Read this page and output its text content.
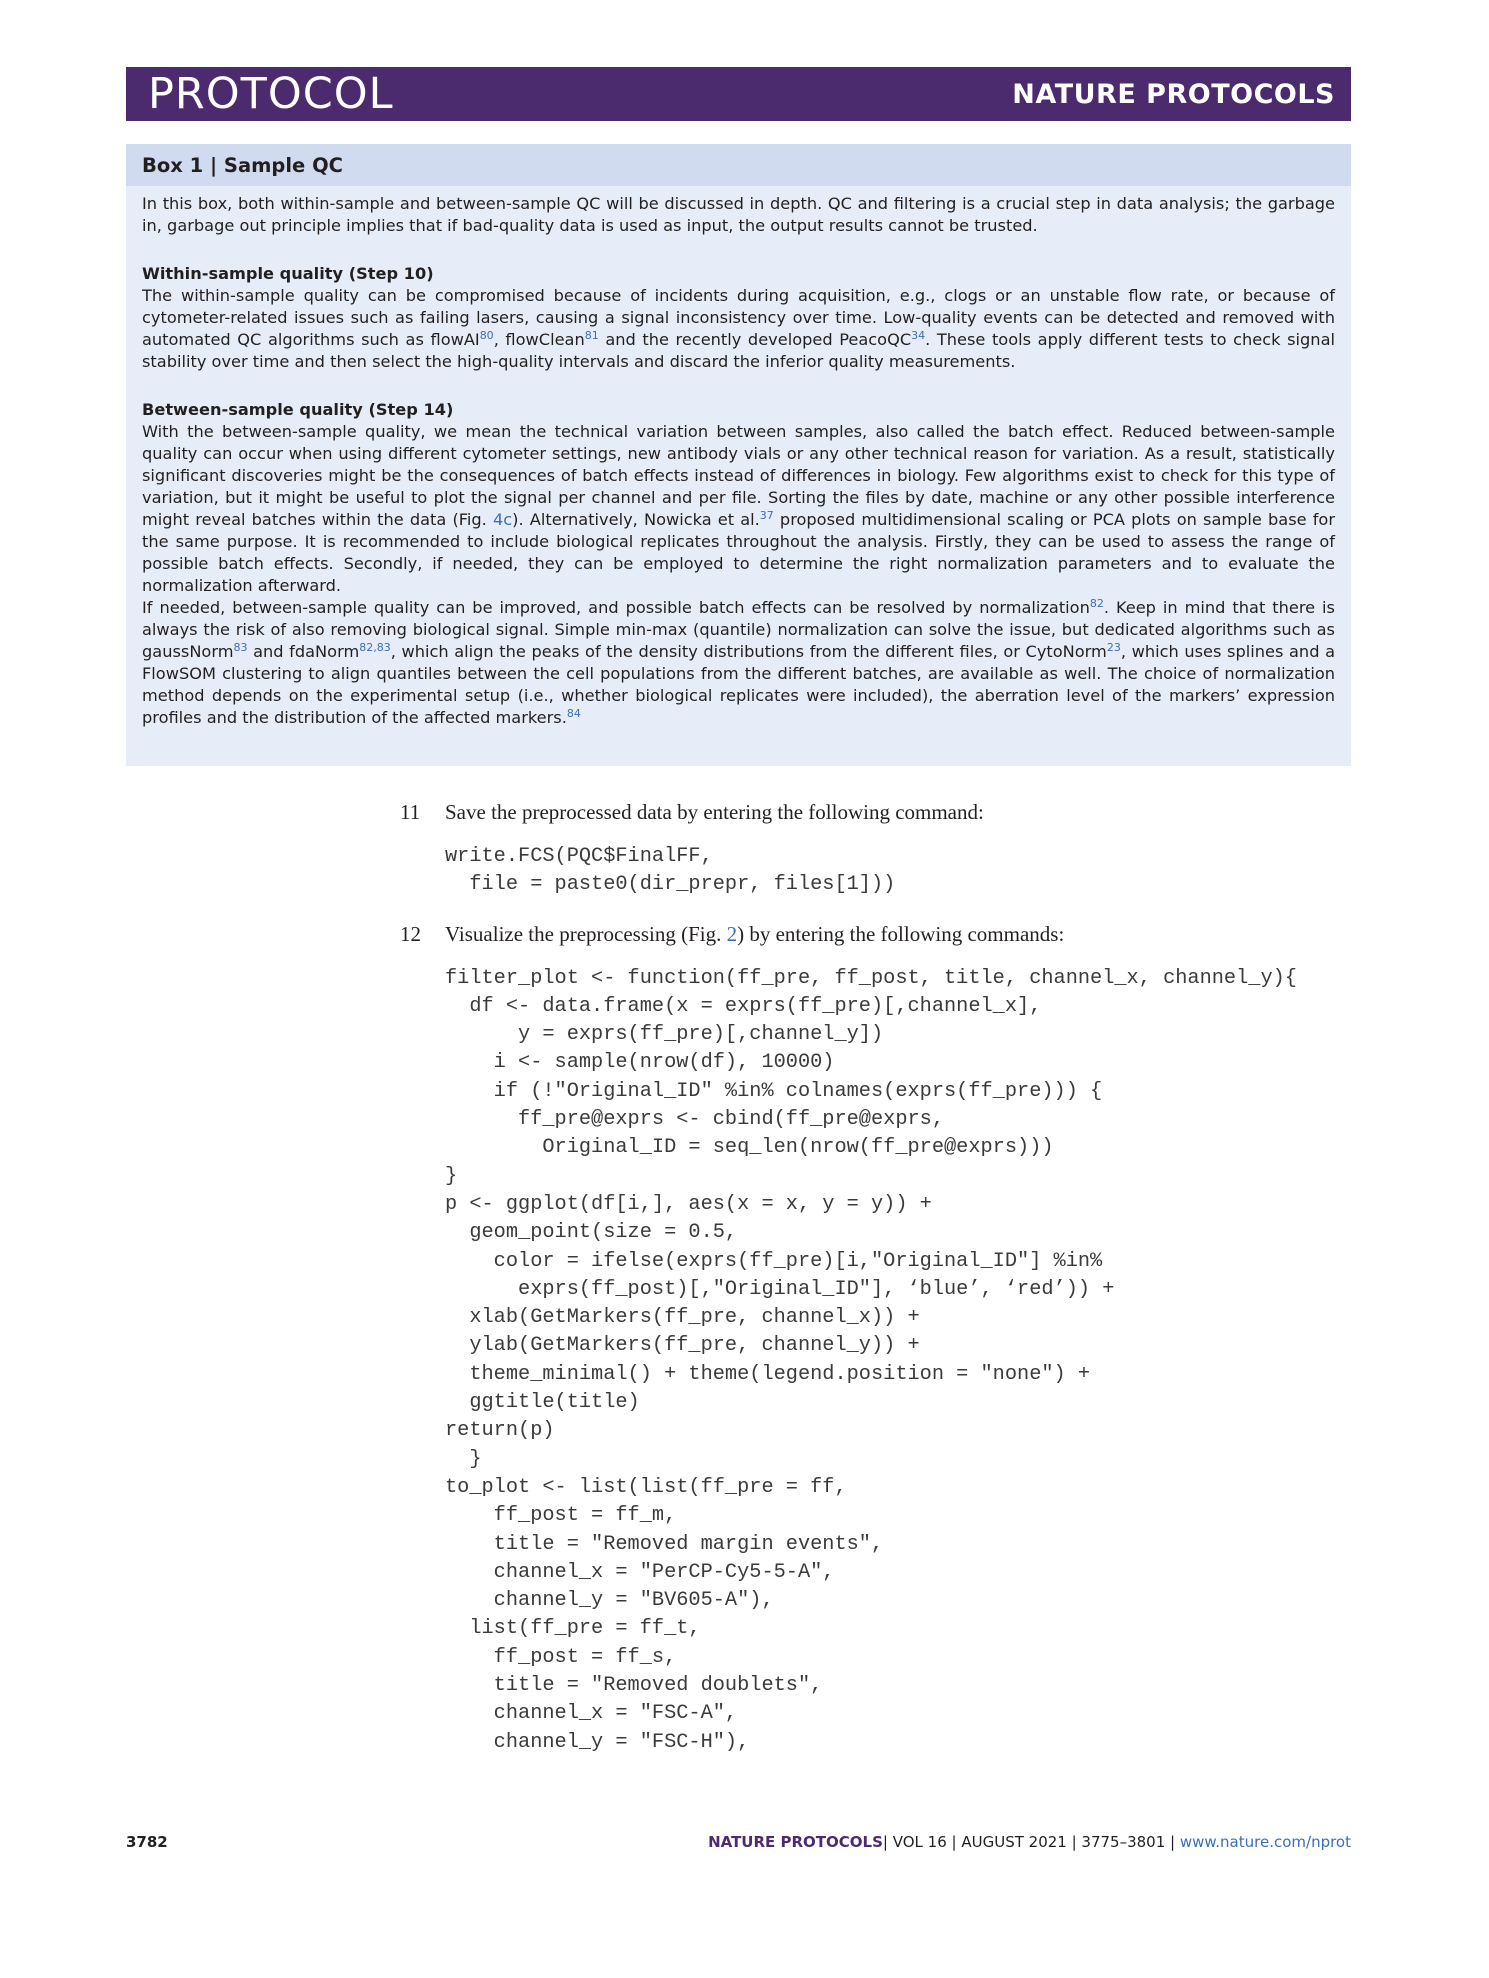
PROTOCOL	NATURE PROTOCOLS
Box 1 | Sample QC

In this box, both within-sample and between-sample QC will be discussed in depth. QC and filtering is a crucial step in data analysis; the garbage in, garbage out principle implies that if bad-quality data is used as input, the output results cannot be trusted.

Within-sample quality (Step 10)

The within-sample quality can be compromised because of incidents during acquisition, e.g., clogs or an unstable flow rate, or because of cytometer-related issues such as failing lasers, causing a signal inconsistency over time. Low-quality events can be detected and removed with automated QC algorithms such as flowAI$^{80}$, flowClean$^{81}$ and the recently developed PeacoQC$^{34}$. These tools apply different tests to check signal stability over time and then select the high-quality intervals and discard the inferior quality measurements.

Between-sample quality (Step 14)

With the between-sample quality, we mean the technical variation between samples, also called the batch effect. Reduced between-sample quality can occur when using different cytometer settings, new antibody vials or any other technical reason for variation. As a result, statistically significant discoveries might be the consequences of batch effects instead of differences in biology. Few algorithms exist to check for this type of variation, but it might be useful to plot the signal per channel and per file. Sorting the files by date, machine or any other possible interference might reveal batches within the data (Fig. 4c). Alternatively, Nowicka et al.$^{37}$ proposed multidimensional scaling or PCA plots on sample base for the same purpose. It is recommended to include biological replicates throughout the analysis. Firstly, they can be used to assess the range of possible batch effects. Secondly, if needed, they can be employed to determine the right normalization parameters and to evaluate the normalization afterward.

If needed, between-sample quality can be improved, and possible batch effects can be resolved by normalization$^{82}$. Keep in mind that there is always the risk of also removing biological signal. Simple min-max (quantile) normalization can solve the issue, but dedicated algorithms such as gaussNorm$^{83}$ and fdaNorm$^{82,83}$, which align the peaks of the density distributions from the different files, or CytoNorm$^{23}$, which uses splines and a FlowSOM clustering to align quantiles between the cell populations from the different batches, are available as well. The choice of normalization method depends on the experimental setup (i.e., whether biological replicates were included), the aberration level of the markers’ expression profiles and the distribution of the affected markers.$^{84}$

11	Save the preprocessed data by entering the following command:
write.FCS(PQC$FinalFF,
file = paste0(dir_prepr, files[1]))
12	Visualize the preprocessing (Fig. 2) by entering the following commands:
filter_plot <- function(ff_pre, ff_post, title, channel_x, channel_y){
df <- data.frame(x = exprs(ff_pre)[,channel_x],
y = exprs(ff_pre)[,channel_y])
i <- sample(nrow(df), 10000)
if (!"Original_ID" %in% colnames(exprs(ff_pre))) {
ff_pre@exprs <- cbind(ff_pre@exprs,
Original_ID = seq_len(nrow(ff_pre@exprs)))
}
p <- ggplot(df[i,], aes(x = x, y = y)) +
geom_point(size = 0.5,
color = ifelse(exprs(ff_pre)[i,"Original_ID"] %in%
exprs(ff_post)[,"Original_ID"], ‘blue’, ‘red’)) +
xlab(GetMarkers(ff_pre, channel_x)) +
ylab(GetMarkers(ff_pre, channel_y)) +
theme_minimal() + theme(legend.position = "none") +
ggtitle(title)
return(p)
}
to_plot <- list(list(ff_pre = ff,
ff_post = ff_m,
title = "Removed margin events",
channel_x = "PerCP-Cy5-5-A",
channel_y = "BV605-A"),
list(ff_pre = ff_t,
ff_post = ff_s,
title = "Removed doublets",
channel_x = "FSC-A",
channel_y = "FSC-H"),
3782	NATURE PROTOCOLS| VOL 16 | AUGUST 2021 | 3775–3801 | www.nature.com/nprot
